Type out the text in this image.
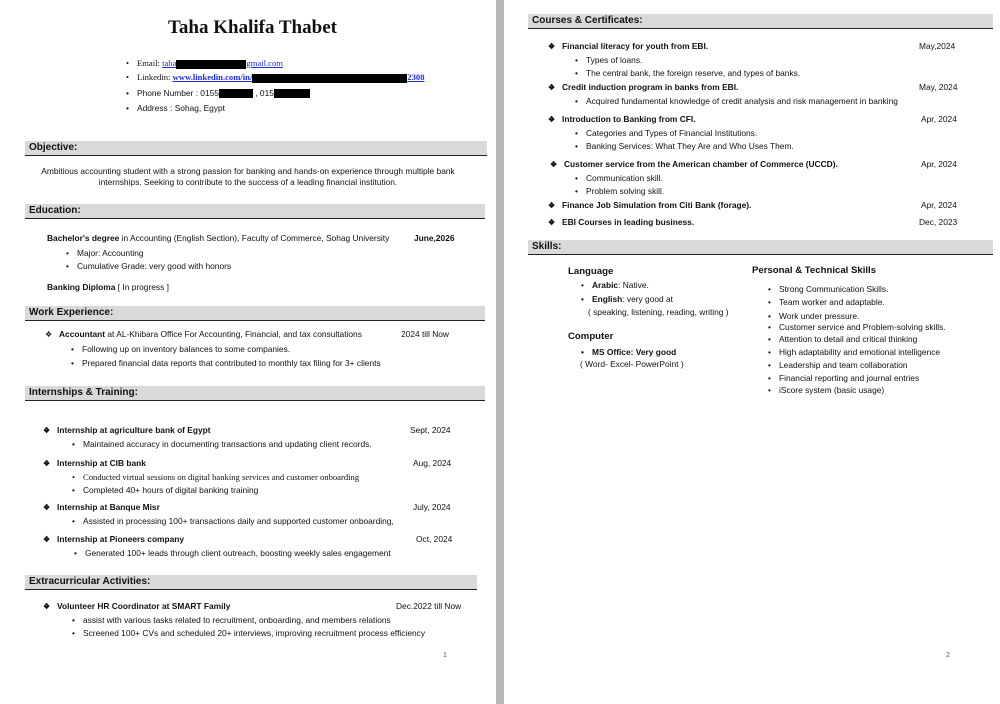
Taha Khalifa Thabet
• Email: taha	gmail.com
• Linkedin: www.linkedin.com/in/	2308
• Phone Number : 0155	, 015
• Address : Sohag, Egypt
Objective:
Ambitious accounting student with a strong passion for banking and hands-on experience through multiple bank
internships. Seeking to contribute to the success of a leading financial institution.
Education:
Bachelor's degree in Accounting (English Section), Faculty of Commerce, Sohag University	June,2026
• Major: Accounting
• Cumulative Grade: very good with honors
Banking Diploma [ In progress ]
Work Experience:
❖ Accountant at AL-Khibara Office For Accounting, Financial, and tax consultations	2024 till Now
• Following up on inventory balances to some companies.
• Prepared financial data reports that contributed to monthly tax filing for 3+ clients
Internships & Training:
❖ Internship at agriculture bank of Egypt	Sept, 2024
• Maintained accuracy in documenting transactions and updating client records.
❖ Internship at CIB bank	Aug, 2024
• Conducted virtual sessions on digital banking services and customer onboarding
• Completed 40+ hours of digital banking training
❖ Internship at Banque Misr	July, 2024
• Assisted in processing 100+ transactions daily and supported customer onboarding,
❖ Internship at Pioneers company	Oct, 2024
• Generated 100+ leads through client outreach, boosting weekly sales engagement
Extracurricular Activities:
❖ Volunteer HR Coordinator at SMART Family	Dec.2022 till Now
• assist with various tasks related to recruitment, onboarding, and members relations
• Screened 100+ CVs and scheduled 20+ interviews, improving recruitment process efficiency
1
Courses & Certificates:
❖ Financial literacy for youth from EBI.	May,2024
• Types of loans.
• The central bank, the foreign reserve, and types of banks.
❖ Credit induction program in banks from EBI.	May, 2024
• Acquired fundamental knowledge of credit analysis and risk management in banking
❖ Introduction to Banking from CFI.	Apr, 2024
• Categories and Types of Financial Institutions.
• Banking Services: What They Are and Who Uses Them.
❖ Customer service from the American chamber of Commerce (UCCD).	Apr, 2024
• Communication skill.
• Problem solving skill.
❖ Finance Job Simulation from Citi Bank (forage).	Apr, 2024
❖ EBI Courses in leading business.	Dec, 2023
Skills:
Language
• Arabic: Native.
• English: very good at
( speaking, listening, reading, writing )
Computer
• MS Office: Very good
( Word- Excel- PowerPoint )
Personal & Technical Skills
• Strong Communication Skills.
• Team worker and adaptable.
• Work under pressure.
• Customer service and Problem-solving skills.
• Attention to detail and critical thinking
• High adaptability and emotional intelligence
• Leadership and team collaboration
• Financial reporting and journal entries
• iScore system (basic usage)
2
